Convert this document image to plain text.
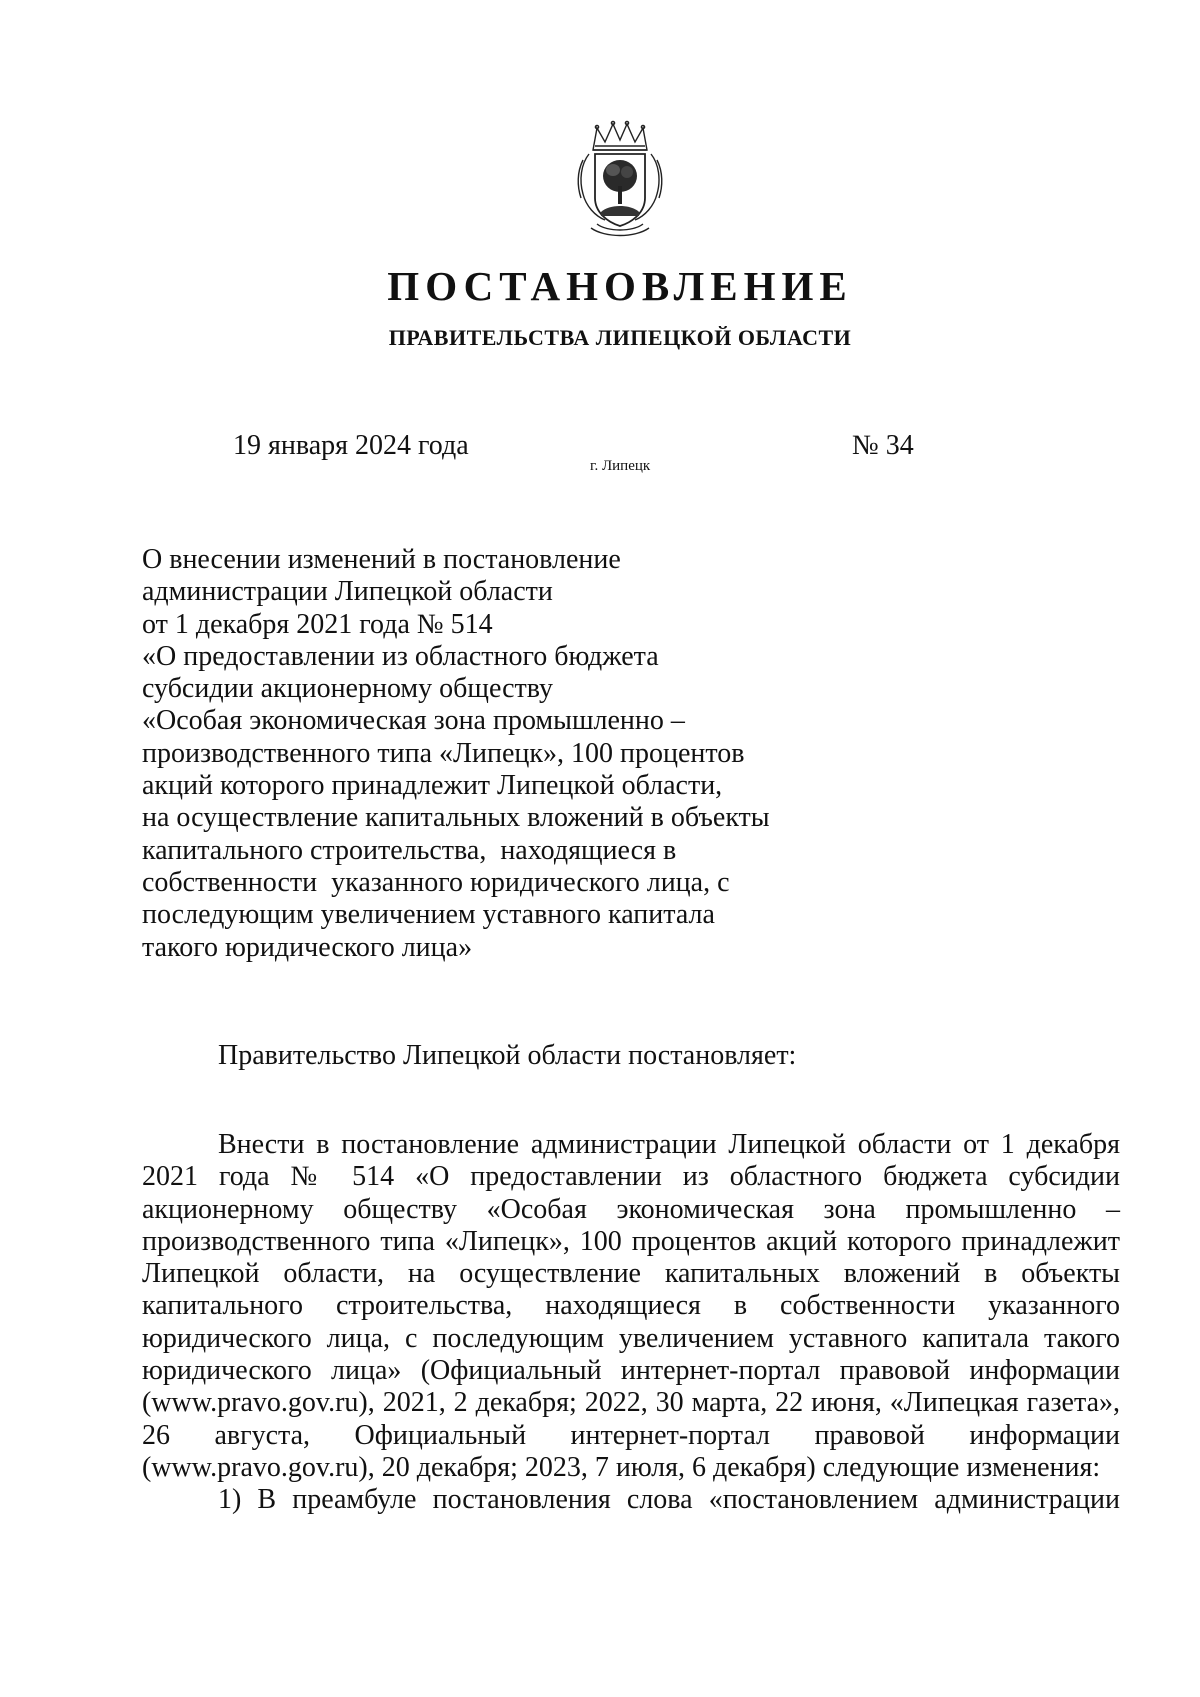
ПОСТАНОВЛЕНИЕ
ПРАВИТЕЛЬСТВА ЛИПЕЦКОЙ ОБЛАСТИ
19 января 2024 года
г. Липецк
№ 34
О внесении изменений в постановление
администрации Липецкой области
от 1 декабря 2021 года № 514
«О предоставлении из областного бюджета
субсидии акционерному обществу
«Особая экономическая зона промышленно –
производственного типа «Липецк», 100 процентов
акций которого принадлежит Липецкой области,
на осуществление капитальных вложений в объекты
капитального строительства,  находящиеся в
собственности  указанного юридического лица, с
последующим увеличением уставного капитала
такого юридического лица»
Правительство Липецкой области постановляет:
Внести в постановление администрации Липецкой области от 1 декабря
2021 года № 514 «О предоставлении из областного бюджета субсидии
акционерному обществу «Особая экономическая зона промышленно –
производственного типа «Липецк», 100 процентов акций которого принадлежит
Липецкой области, на осуществление капитальных вложений в объекты
капитального строительства, находящиеся в собственности указанного
юридического лица, с последующим увеличением уставного капитала такого
юридического лица» (Официальный интернет-портал правовой информации
(www.pravo.gov.ru), 2021, 2 декабря; 2022, 30 марта, 22 июня, «Липецкая газета»,
26 августа, Официальный интернет-портал правовой информации
(www.pravo.gov.ru), 20 декабря; 2023, 7 июля, 6 декабря) следующие изменения:
1) В преамбуле постановления слова «постановлением администрации
